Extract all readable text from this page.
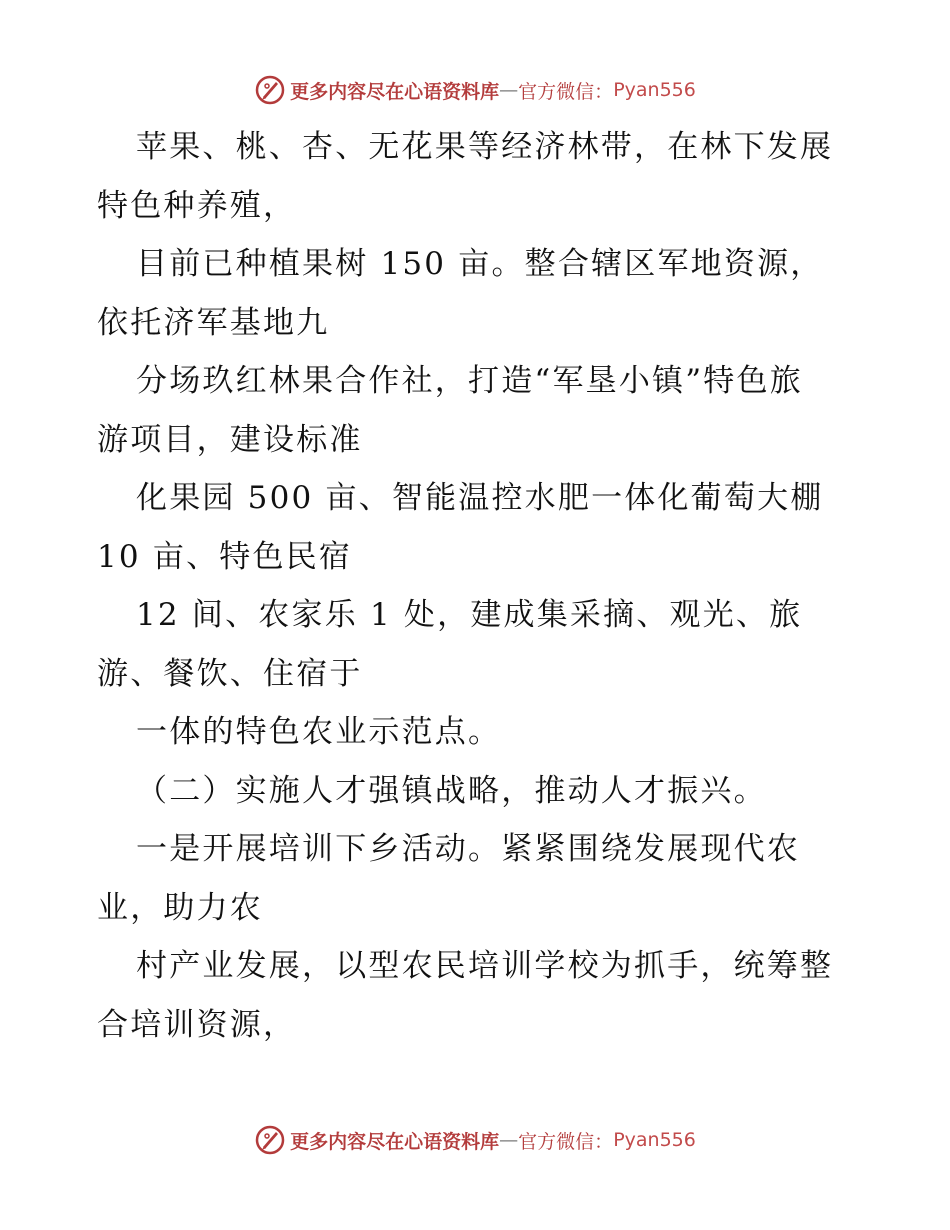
更多内容尽在心语资料库 — 官方微信： Pyan556

苹果、桃、杏、无花果等经济林带，在林下发展

特色种养殖，

目前已种植果树 150 亩。整合辖区军地资源，

依托济军基地九

分场玖红林果合作社，打造“军垦小镇”特色旅

游项目，建设标准

化果园 500 亩、智能温控水肥一体化葡萄大棚

10 亩、特色民宿

12 间、农家乐 1 处，建成集采摘、观光、旅

游、餐饮、住宿于

一体的特色农业示范点。

（二）实施人才强镇战略，推动人才振兴。

一是开展培训下乡活动。紧紧围绕发展现代农

业，助力农

村产业发展，以型农民培训学校为抓手，统筹整

合培训资源，

更多内容尽在心语资料库 — 官方微信： Pyan556
